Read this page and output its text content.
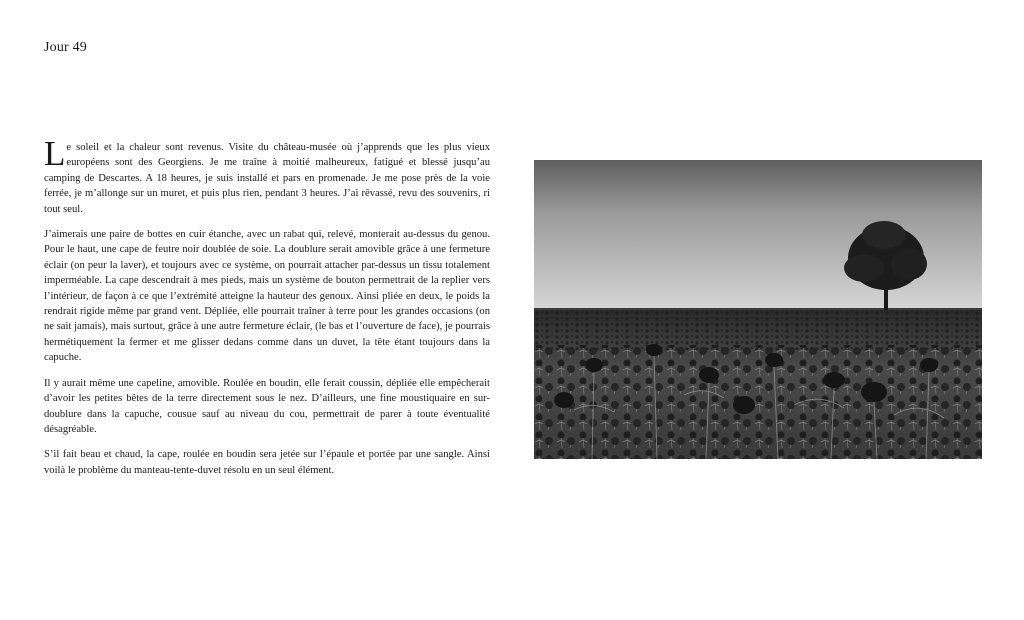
Jour 49

Le soleil et la chaleur sont revenus. Visite du château-musée où j’apprends que les plus vieux européens sont des Georgiens. Je me traîne à moitié malheureux, fatigué et blessé jusqu’au camping de Descartes. A 18 heures, je suis installé et pars en promenade. Je me pose près de la voie ferrée, je m’allonge sur un muret, et puis plus rien, pendant 3 heures. J’ai rêvassé, revu des souvenirs, ri tout seul.

J’aimerais une paire de bottes en cuir étanche, avec un rabat qui, relevé, monterait au-dessus du genou. Pour le haut, une cape de feutre noir doublée de soie. La doublure serait amovible grâce à une fermeture éclair (on peur la laver), et toujours avec ce système, on pourrait attacher par-dessus un tissu totalement imperméable. La cape descendrait à mes pieds, mais un système de bouton permettrait de la replier vers l’intérieur, de façon à ce que l’extrémité atteigne la hauteur des genoux. Ainsi pliée en deux, le poids la rendrait rigide même par grand vent. Dépliée, elle pourrait traîner à terre pour les grandes occasions (on ne sait jamais), mais surtout, grâce à une autre fermeture éclair, (le bas et l’ouverture de face), je pourrais hermétiquement la fermer et me glisser dedans comme dans un duvet, la tête étant toujours dans la capuche.

Il y aurait même une capeline, amovible. Roulée en boudin, elle ferait coussin, dépliée elle empêcherait d’avoir les petites bêtes de la terre directement sous le nez. D’ailleurs, une fine moustiquaire en sur-doublure dans la capuche, cousue sauf au niveau du cou, permettrait de parer à toute éventualité désagréable.

S’il fait beau et chaud, la cape, roulée en boudin sera jetée sur l’épaule et portée par une sangle. Ainsi voilà le problème du manteau-tente-duvet résolu en un seul élément.
